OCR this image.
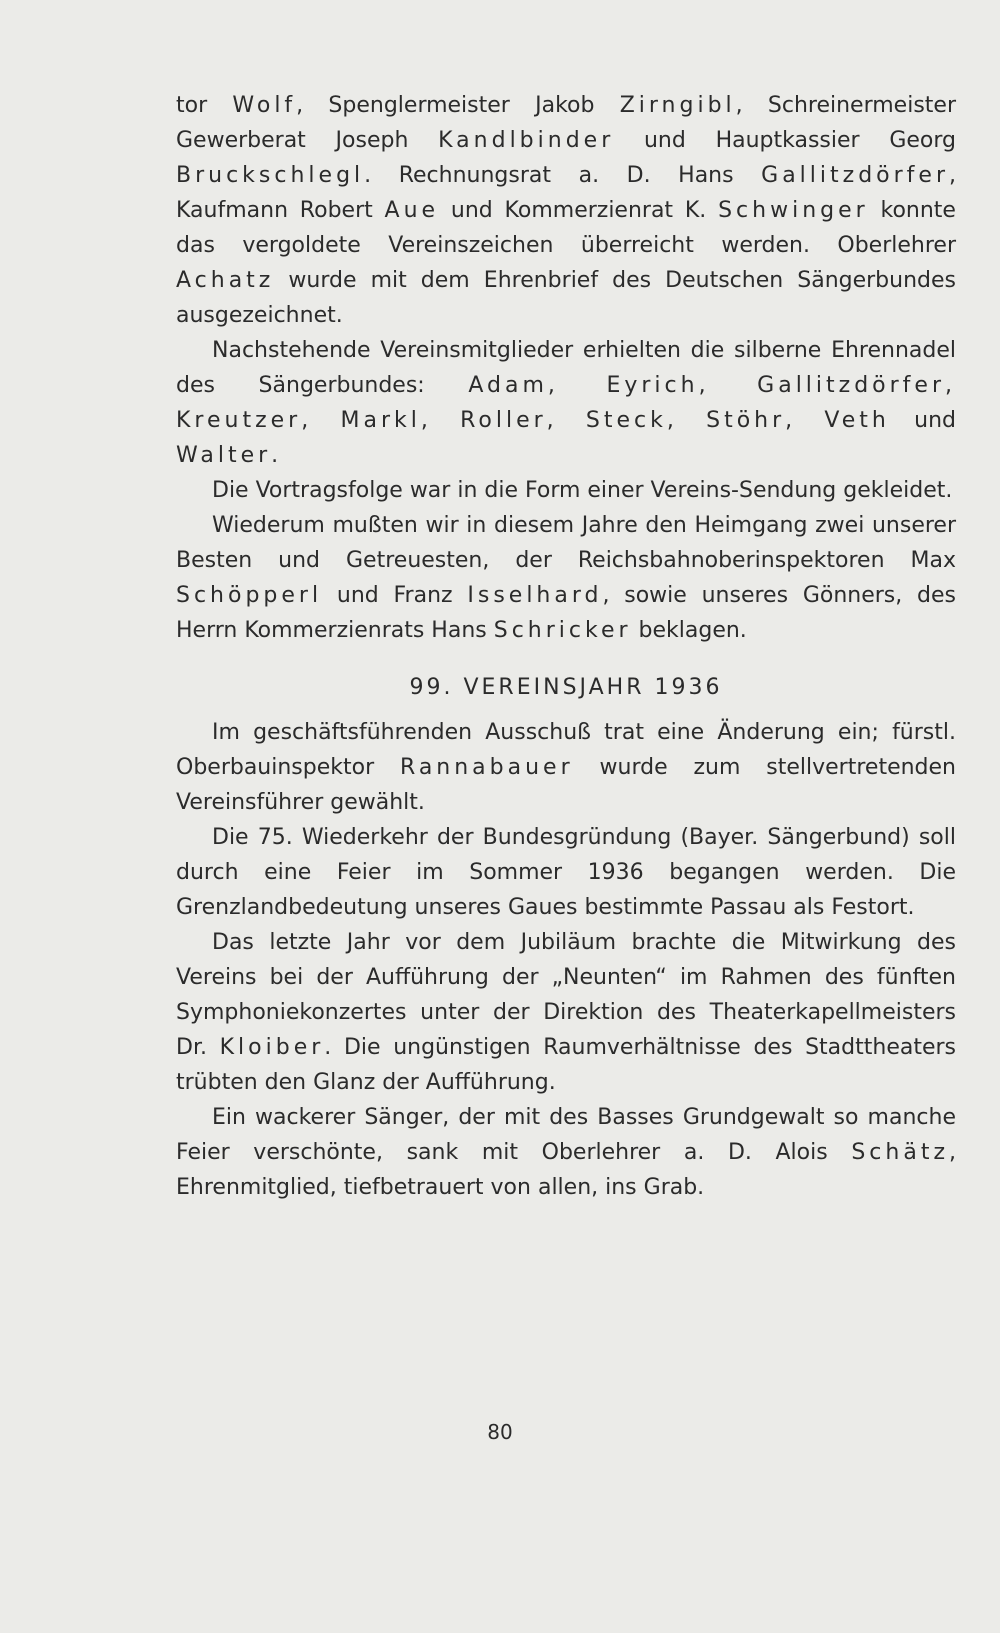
tor Wolf, Spenglermeister Jakob Zirngibl, Schreinermeister Gewerberat Joseph Kandlbinder und Hauptkassier Georg Bruckschlegl. Rechnungsrat a. D. Hans Gallitzdörfer, Kaufmann Robert Aue und Kommerzienrat K. Schwinger konnte das vergoldete Vereinszeichen überreicht werden. Oberlehrer Achatz wurde mit dem Ehrenbrief des Deutschen Sängerbundes ausgezeichnet.

Nachstehende Vereinsmitglieder erhielten die silberne Ehrennadel des Sängerbundes: Adam, Eyrich, Gallitzdörfer, Kreutzer, Markl, Roller, Steck, Stöhr, Veth und Walter.

Die Vortragsfolge war in die Form einer Vereins-Sendung gekleidet.

Wiederum mußten wir in diesem Jahre den Heimgang zwei unserer Besten und Getreuesten, der Reichsbahnoberinspektoren Max Schöpperl und Franz Isselhard, sowie unseres Gönners, des Herrn Kommerzienrats Hans Schricker beklagen.

99. VEREINSJAHR 1936

Im geschäftsführenden Ausschuß trat eine Änderung ein; fürstl. Oberbauinspektor Rannabauer wurde zum stellvertretenden Vereinsführer gewählt.

Die 75. Wiederkehr der Bundesgründung (Bayer. Sängerbund) soll durch eine Feier im Sommer 1936 begangen werden. Die Grenzlandbedeutung unseres Gaues bestimmte Passau als Festort.

Das letzte Jahr vor dem Jubiläum brachte die Mitwirkung des Vereins bei der Aufführung der „Neunten“ im Rahmen des fünften Symphoniekonzertes unter der Direktion des Theaterkapellmeisters Dr. Kloiber. Die ungünstigen Raumverhältnisse des Stadttheaters trübten den Glanz der Aufführung.

Ein wackerer Sänger, der mit des Basses Grundgewalt so manche Feier verschönte, sank mit Oberlehrer a. D. Alois Schätz, Ehrenmitglied, tiefbetrauert von allen, ins Grab.

80
